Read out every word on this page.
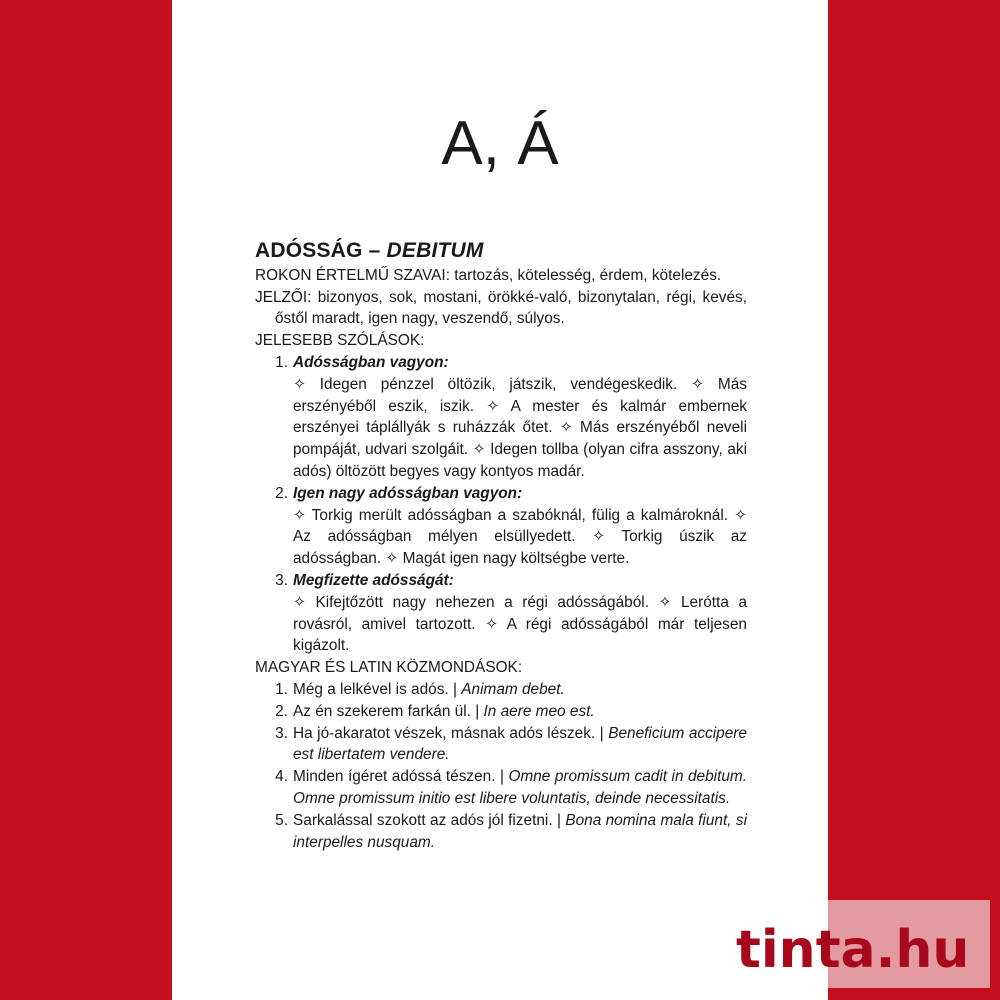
A, Á
ADÓSSÁG – DEBITUM
ROKON ÉRTELMŰ SZAVAI: tartozás, kötelesség, érdem, kötelezés.
JELZŐI: bizonyos, sok, mostani, örökké-való, bizonytalan, régi, kevés, őstől maradt, igen nagy, veszendő, súlyos.
JELESEBB SZÓLÁSOK:
1. Adósságban vagyon:
✧ Idegen pénzzel öltözik, játszik, vendégeskedik. ✧ Más erszényéből eszik, iszik. ✧ A mester és kalmár embernek erszényei táplállyák s ruházzák őtet. ✧ Más erszényéből neveli pompáját, udvari szolgáit. ✧ Idegen tollba (olyan cifra asszony, aki adós) öltözött begyes vagy kontyos madár.
2. Igen nagy adósságban vagyon:
✧ Torkig merült adósságban a szabóknál, fülig a kalmároknál. ✧ Az adósságban mélyen elsüllyedett. ✧ Torkig úszik az adósságban. ✧ Magát igen nagy költségbe verte.
3. Megfizette adósságát:
✧ Kifejtőzött nagy nehezen a régi adósságából. ✧ Lerótta a rovásról, amivel tartozott. ✧ A régi adósságából már teljesen kigázolt.
MAGYAR ÉS LATIN KÖZMONDÁSOK:
1. Még a lelkével is adós. | Animam debet.
2. Az én szekerem farkán ül. | In aere meo est.
3. Ha jó-akaratot vészek, másnak adós lészek. | Beneficium accipere est libertatem vendere.
4. Minden ígéret adóssá tészen. | Omne promissum cadit in debitum. Omne promissum initio est libere voluntatis, deinde necessitatis.
5. Sarkalással szokott az adós jól fizetni. | Bona nomina mala fiunt, si interpelles nusquam.
tinta.hu
